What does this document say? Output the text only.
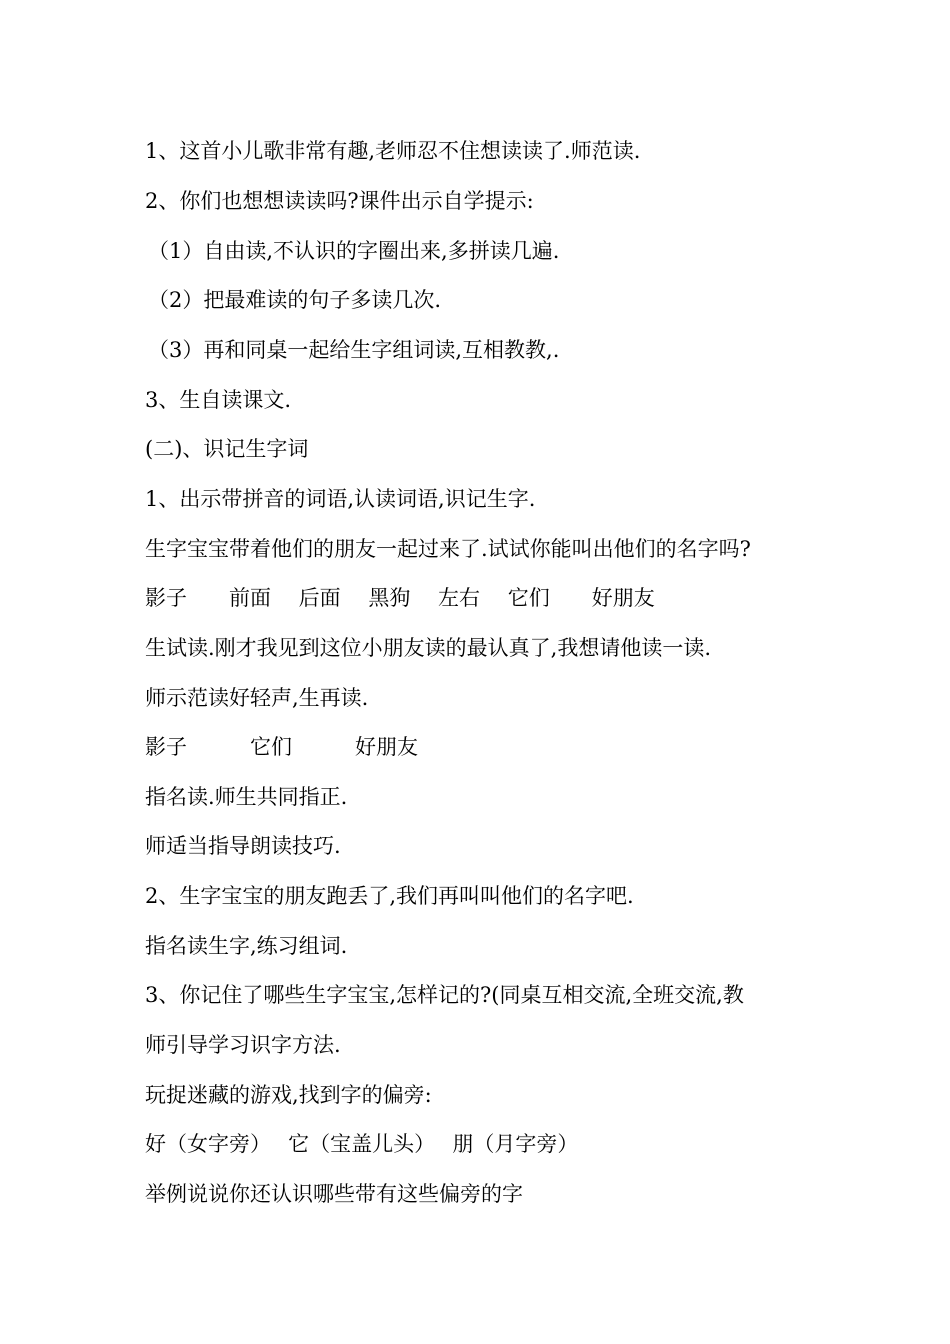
1、这首小儿歌非常有趣,老师忍不住想读读了.师范读.
2、你们也想想读读吗?课件出示自学提示:
（1）自由读,不认识的字圈出来,多拼读几遍.
（2）把最难读的句子多读几次.
（3）再和同桌一起给生字组词读,互相教教,.
3、生自读课文.
(二)、识记生字词
1、出示带拼音的词语,认读词语,识记生字.
生字宝宝带着他们的朋友一起过来了.试试你能叫出他们的名字吗?
影子　　前面　 后面　 黑狗　 左右　 它们　　好朋友
生试读.刚才我见到这位小朋友读的最认真了,我想请他读一读.
师示范读好轻声,生再读.
影子　　　它们　　　好朋友
指名读.师生共同指正.
师适当指导朗读技巧.
2、生字宝宝的朋友跑丢了,我们再叫叫他们的名字吧.
指名读生字,练习组词.
3、你记住了哪些生字宝宝,怎样记的?(同桌互相交流,全班交流,教
师引导学习识字方法.
玩捉迷藏的游戏,找到字的偏旁:
好（女字旁）　 它（宝盖儿头）　 朋（月字旁）
举例说说你还认识哪些带有这些偏旁的字
